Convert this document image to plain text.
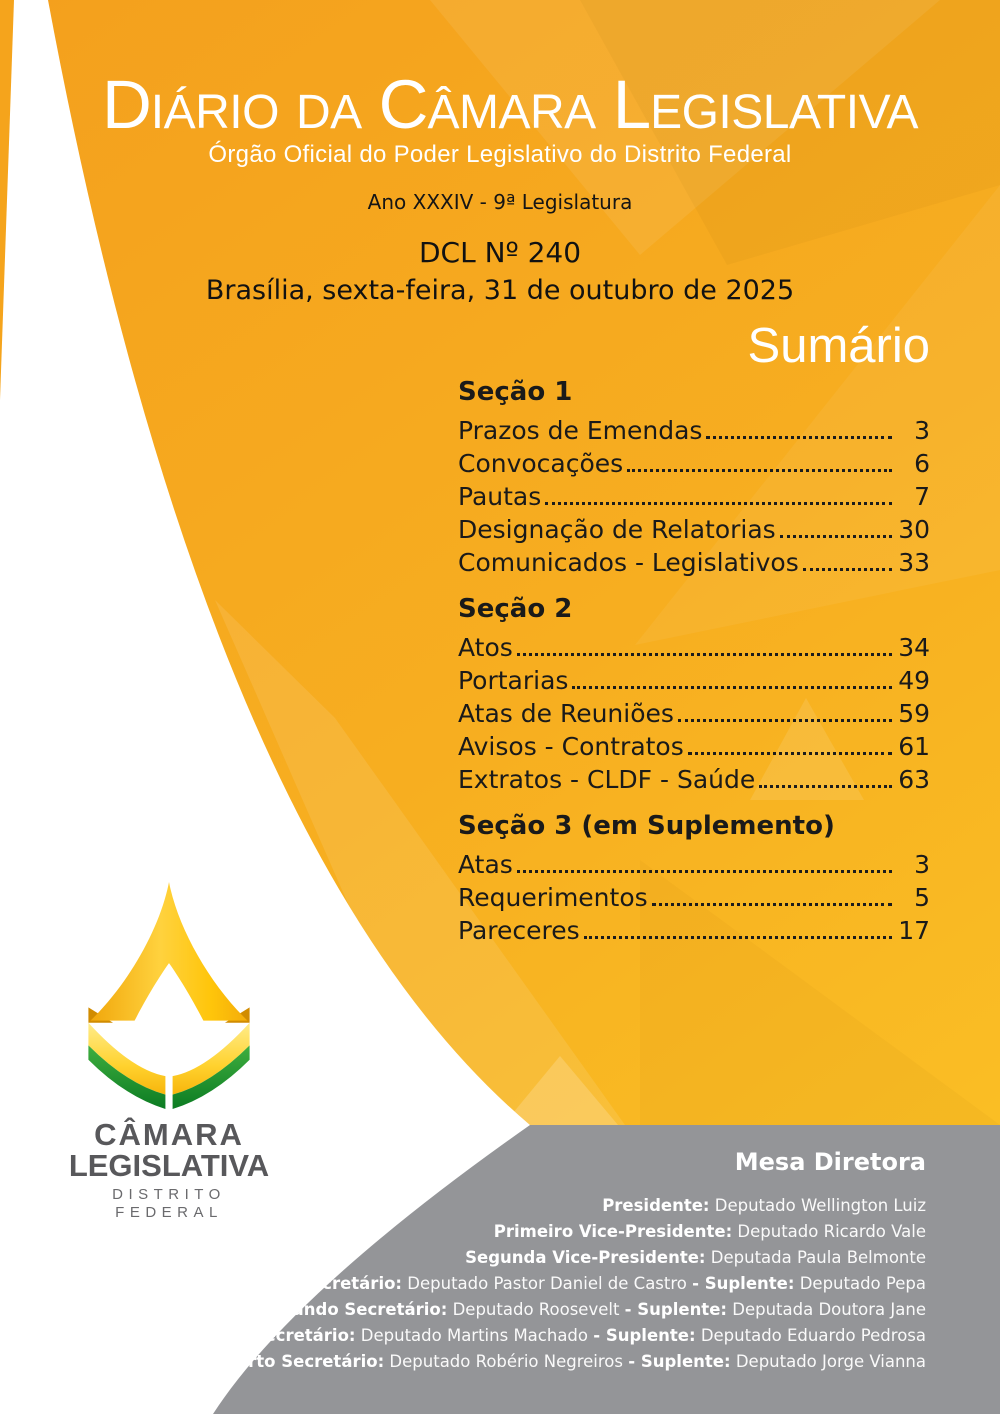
D IÁRIO DA C ÂMARA L EGISLATIVA
Órgão Oficial do Poder Legislativo do Distrito Federal
Ano XXXIV - 9ª Legislatura
DCL Nº 240
Brasília, sexta-feira, 31 de outubro de 2025
Sumário
Seção 1
Prazos de Emendas	3
Convocações	6
Pautas	7
Designação de Relatorias	30
Comunicados - Legislativos	33
Seção 2
Atos	34
Portarias	49
Atas de Reuniões	59
Avisos - Contratos	61
Extratos - CLDF - Saúde	63
Seção 3 (em Suplemento)
Atas	3
Requerimentos	5
Pareceres	17
CÂMARA
LEGISLATIVA
DISTRITO FEDERAL
Mesa Diretora
Presidente: Deputado Wellington Luiz
Primeiro Vice-Presidente: Deputado Ricardo Vale
Segunda Vice-Presidente: Deputada Paula Belmonte
Primeiro Secretário: Deputado Pastor Daniel de Castro - Suplente: Deputado Pepa
Segundo Secretário: Deputado Roosevelt - Suplente: Deputada Doutora Jane
Terceiro Secretário: Deputado Martins Machado - Suplente: Deputado Eduardo Pedrosa
Quarto Secretário: Deputado Robério Negreiros - Suplente: Deputado Jorge Vianna
